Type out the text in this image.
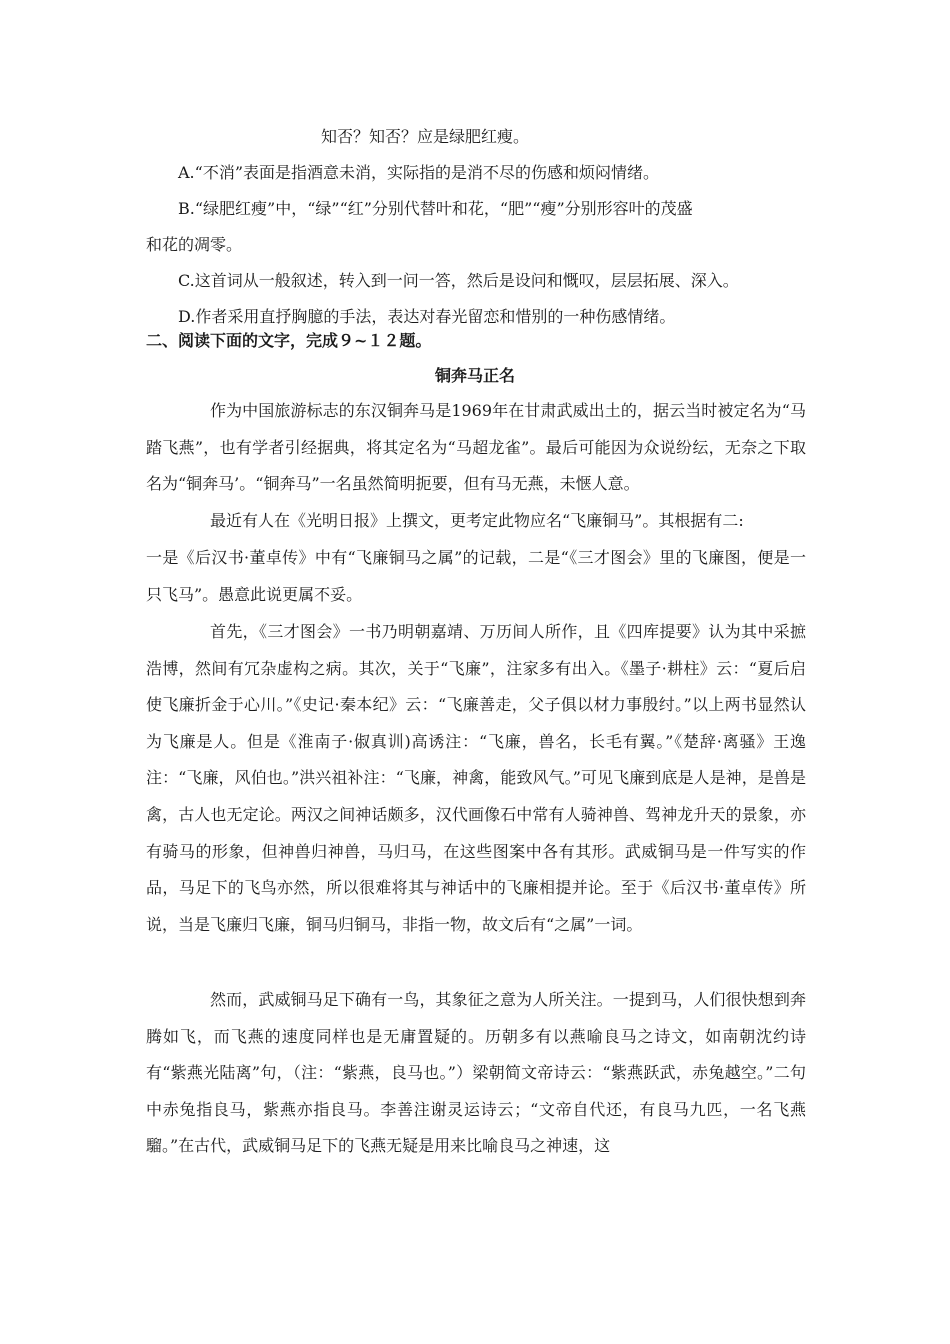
知否？知否？应是绿肥红瘦。
A.“不消”表面是指酒意未消，实际指的是消不尽的伤感和烦闷情绪。
B.“绿肥红瘦”中，“绿”“红”分别代替叶和花，“肥”“瘦”分别形容叶的茂盛
和花的凋零。
C.这首词从一般叙述，转入到一问一答，然后是设问和慨叹，层层拓展、深入。
D.作者采用直抒胸臆的手法，表达对春光留恋和惜别的一种伤感情绪。
二、阅读下面的文字，完成９~１２题。
铜奔马正名

作为中国旅游标志的东汉铜奔马是1969年在甘肃武威出土的，据云当时被定名为“马踏飞燕”，也有学者引经据典，将其定名为“马超龙雀”。最后可能因为众说纷纭，无奈之下取名为“铜奔马’。“铜奔马”一名虽然简明扼要，但有马无燕，未惬人意。

最近有人在《光明日报》上撰文，更考定此物应名“飞廉铜马”。其根据有二:

一是《后汉书·董卓传》中有“飞廉铜马之属”的记载，二是“《三才图会》里的飞廉图，便是一只飞马”。愚意此说更属不妥。

首先，《三才图会》一书乃明朝嘉靖、万历间人所作，且《四库提要》认为其中采摭浩博，然间有冗杂虚构之病。其次，关于“飞廉”，注家多有出入。《墨子·耕柱》云：“夏后启使飞廉折金于心川。”《史记·秦本纪》云：“飞廉善走，父子俱以材力事殷纣。”以上两书显然认为飞廉是人。但是《淮南子·俶真训)高诱注：“飞廉，兽名，长毛有翼。”《楚辞·离骚》王逸注：“飞廉，风伯也。”洪兴祖补注：“飞廉，神禽，能致风气。”可见飞廉到底是人是神，是兽是禽，古人也无定论。两汉之间神话颇多，汉代画像石中常有人骑神兽、驾神龙升天的景象，亦有骑马的形象，但神兽归神兽，马归马，在这些图案中各有其形。武威铜马是一件写实的作品，马足下的飞鸟亦然，所以很难将其与神话中的飞廉相提并论。至于《后汉书·董卓传》所说，当是飞廉归飞廉，铜马归铜马，非指一物，故文后有“之属”一词。

然而，武威铜马足下确有一鸟，其象征之意为人所关注。一提到马，人们很快想到奔腾如飞，而飞燕的速度同样也是无庸置疑的。历朝多有以燕喻良马之诗文，如南朝沈约诗有“紫燕光陆离”句，（注：“紫燕，良马也。”）梁朝简文帝诗云：“紫燕跃武，赤兔越空。”二句中赤兔指良马，紫燕亦指良马。李善注谢灵运诗云；“文帝自代还，有良马九匹，一名飞燕騮。”在古代，武威铜马足下的飞燕无疑是用来比喻良马之神速，这
